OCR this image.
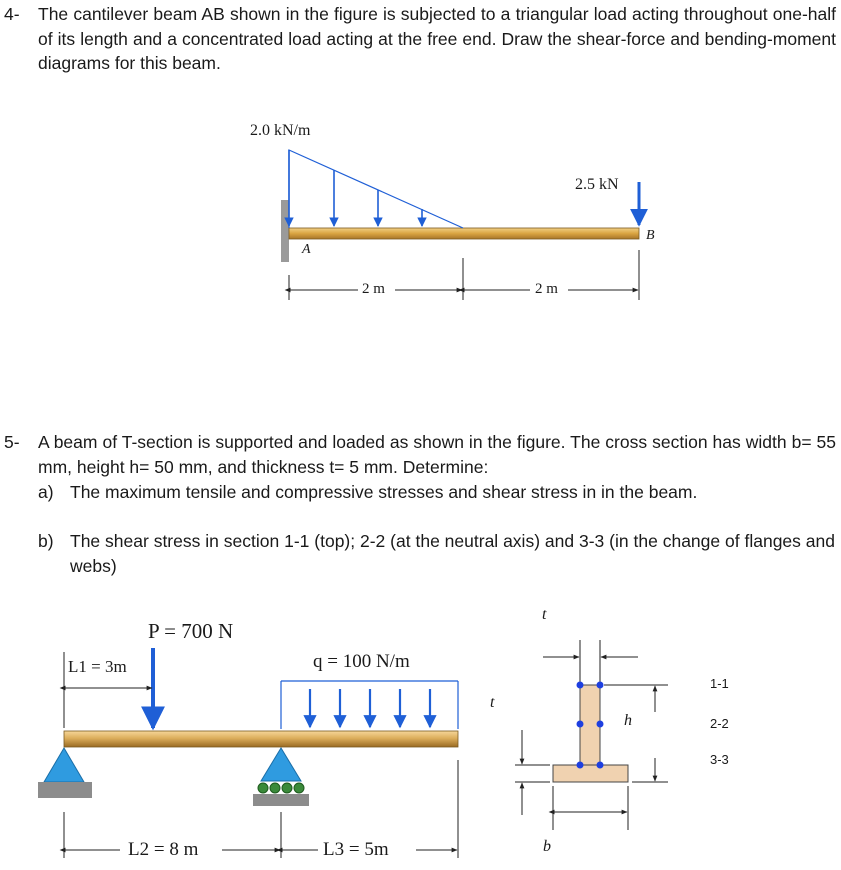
4- The cantilever beam AB shown in the figure is subjected to a triangular load acting throughout one-half of its length and a concentrated load acting at the free end. Draw the shear-force and bending-moment diagrams for this beam.
5- A beam of T-section is supported and loaded as shown in the figure. The cross section has width b= 55 mm, height h= 50 mm, and thickness t= 5 mm. Determine:
a) The maximum tensile and compressive stresses and shear stress in in the beam.
b) The shear stress in section 1-1 (top); 2-2 (at the neutral axis) and 3-3 (in the change of flanges and webs)
2.0 kN/m
2.5 kN
A
B
2 m	2 m
P = 700 N
q = 100 N/m
L1 = 3m
L2 = 8 m	L3 = 5m
t
t
h
b
1-1
2-2
3-3
